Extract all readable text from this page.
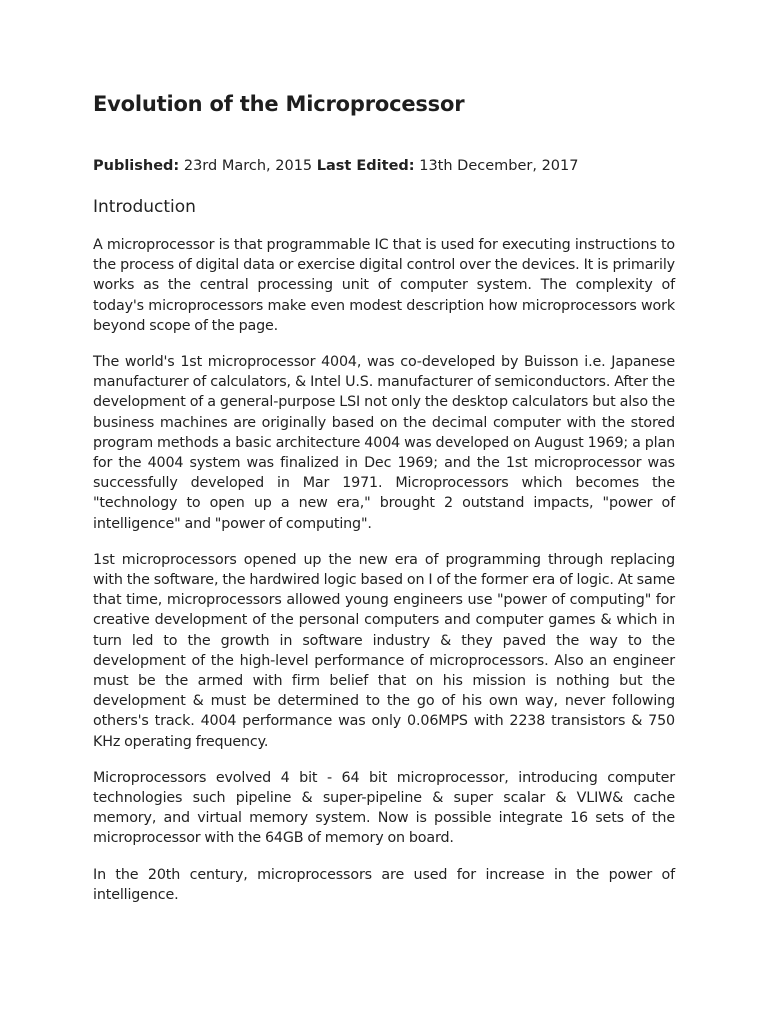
Evolution of the Microprocessor

Published: 23rd March, 2015 Last Edited: 13th December, 2017

Introduction

A microprocessor is that programmable IC that is used for executing instructions to the process of digital data or exercise digital control over the devices. It is primarily works as the central processing unit of computer system. The complexity of today's microprocessors make even modest description how microprocessors work beyond scope of the page.

The world's 1st microprocessor 4004, was co-developed by Buisson i.e. Japanese manufacturer of calculators, & Intel U.S. manufacturer of semiconductors. After the development of a general-purpose LSI not only the desktop calculators but also the business machines are originally based on the decimal computer with the stored program methods a basic architecture 4004 was developed on August 1969; a plan for the 4004 system was finalized in Dec 1969; and the 1st microprocessor was successfully developed in Mar 1971. Microprocessors which becomes the "technology to open up a new era," brought 2 outstand impacts, "power of intelligence" and "power of computing".

1st microprocessors opened up the new era of programming through replacing with the software, the hardwired logic based on I of the former era of logic. At same that time, microprocessors allowed young engineers use "power of computing" for creative development of the personal computers and computer games & which in turn led to the growth in software industry & they paved the way to the development of the high-level performance of microprocessors. Also an engineer must be the armed with firm belief that on his mission is nothing but the development & must be determined to the go of his own way, never following others's track. 4004 performance was only 0.06MPS with 2238 transistors & 750 KHz operating frequency.

Microprocessors evolved 4 bit - 64 bit microprocessor, introducing computer technologies such pipeline & super-pipeline & super scalar & VLIW& cache memory, and virtual memory system. Now is possible integrate 16 sets of the microprocessor with the 64GB of memory on board.

In the 20th century, microprocessors are used for increase in the power of intelligence.
